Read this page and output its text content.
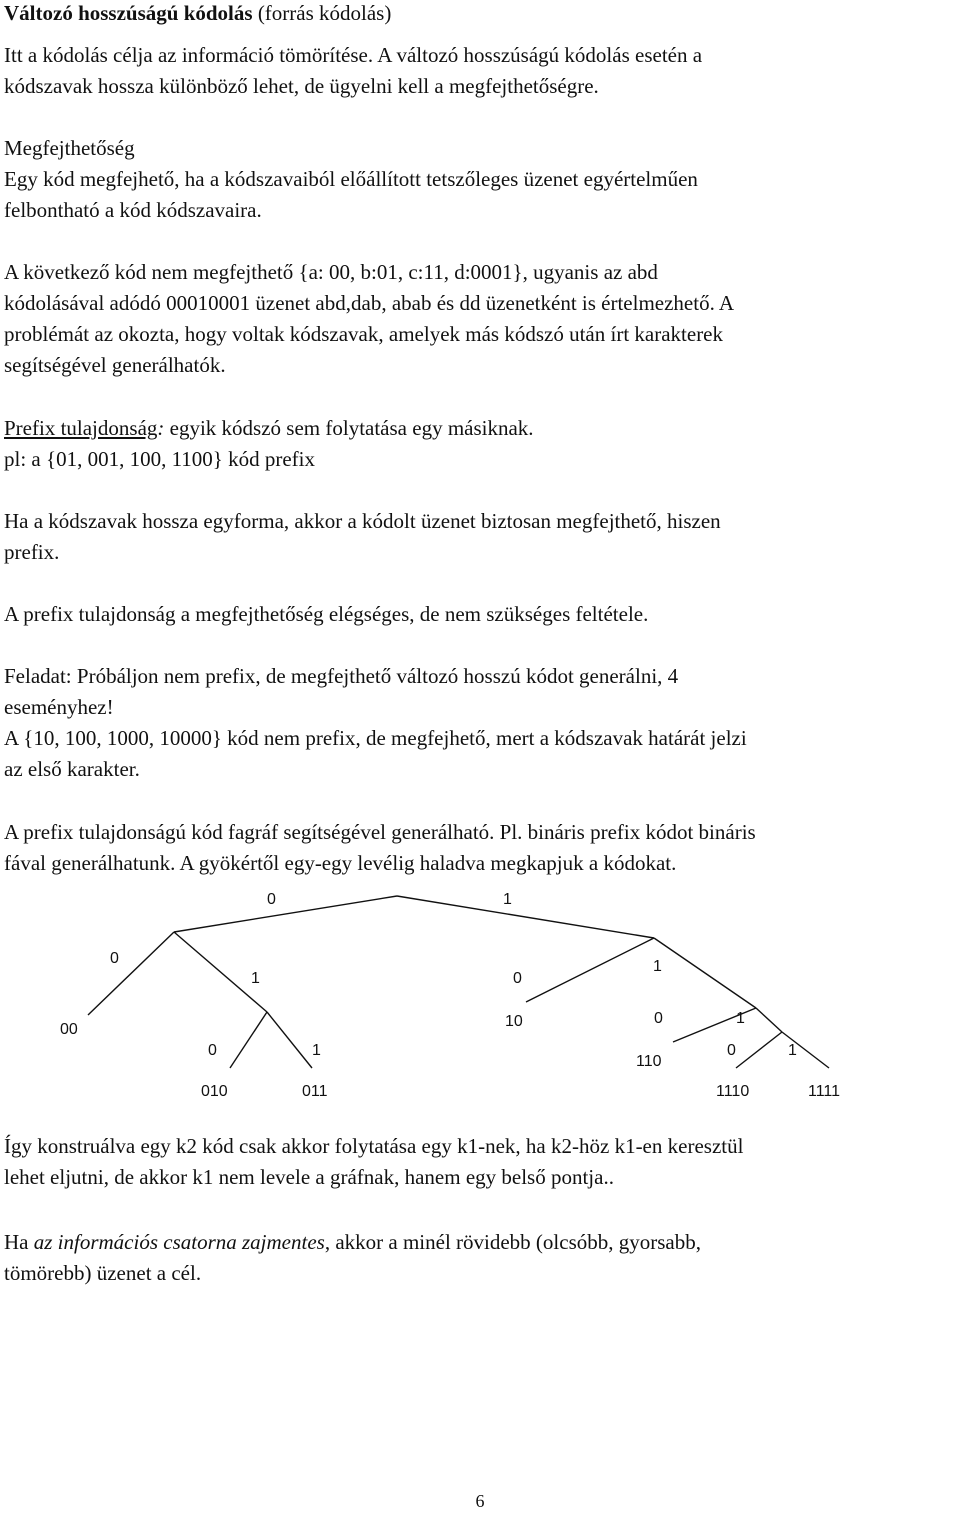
Változó hosszúságú kódolás (forrás kódolás)
Itt a kódolás célja az információ tömörítése. A változó hosszúságú kódolás esetén a
kódszavak hossza különböző lehet, de ügyelni kell a megfejthetőségre.
Megfejthetőség
Egy kód megfejhető, ha a kódszavaiból előállított tetszőleges üzenet egyértelműen
felbontható a kód kódszavaira.
A következő kód nem megfejthető {a: 00, b:01, c:11, d:0001}, ugyanis az abd
kódolásával adódó 00010001 üzenet abd,dab, abab és dd üzenetként is értelmezhető. A
problémát az okozta, hogy voltak kódszavak, amelyek más kódszó után írt karakterek
segítségével generálhatók.
Prefix tulajdonság: egyik kódszó sem folytatása egy másiknak.
pl: a {01, 001, 100, 1100} kód prefix
Ha a kódszavak hossza egyforma, akkor a kódolt üzenet biztosan megfejthető, hiszen
prefix.
A prefix tulajdonság a megfejthetőség elégséges, de nem szükséges feltétele.
Feladat: Próbáljon nem prefix, de megfejthető változó hosszú kódot generálni, 4
eseményhez!
A {10, 100, 1000, 10000} kód nem prefix, de megfejhető, mert a kódszavak határát jelzi
az első karakter.
A prefix tulajdonságú kód fagráf segítségével generálható. Pl. bináris prefix kódot bináris
fával generálhatunk. A gyökértől egy-egy levélig haladva megkapjuk a kódokat.
0	1
0
1	0
1
0	1
0	1
0	1
00	10
110
010	011	1110	1111
Így konstruálva egy k2 kód csak akkor folytatása egy k1-nek, ha k2-höz k1-en keresztül
lehet eljutni, de akkor k1 nem levele a gráfnak, hanem egy belső pontja..
Ha az információs csatorna zajmentes, akkor a minél rövidebb (olcsóbb, gyorsabb,
tömörebb) üzenet a cél.
6
